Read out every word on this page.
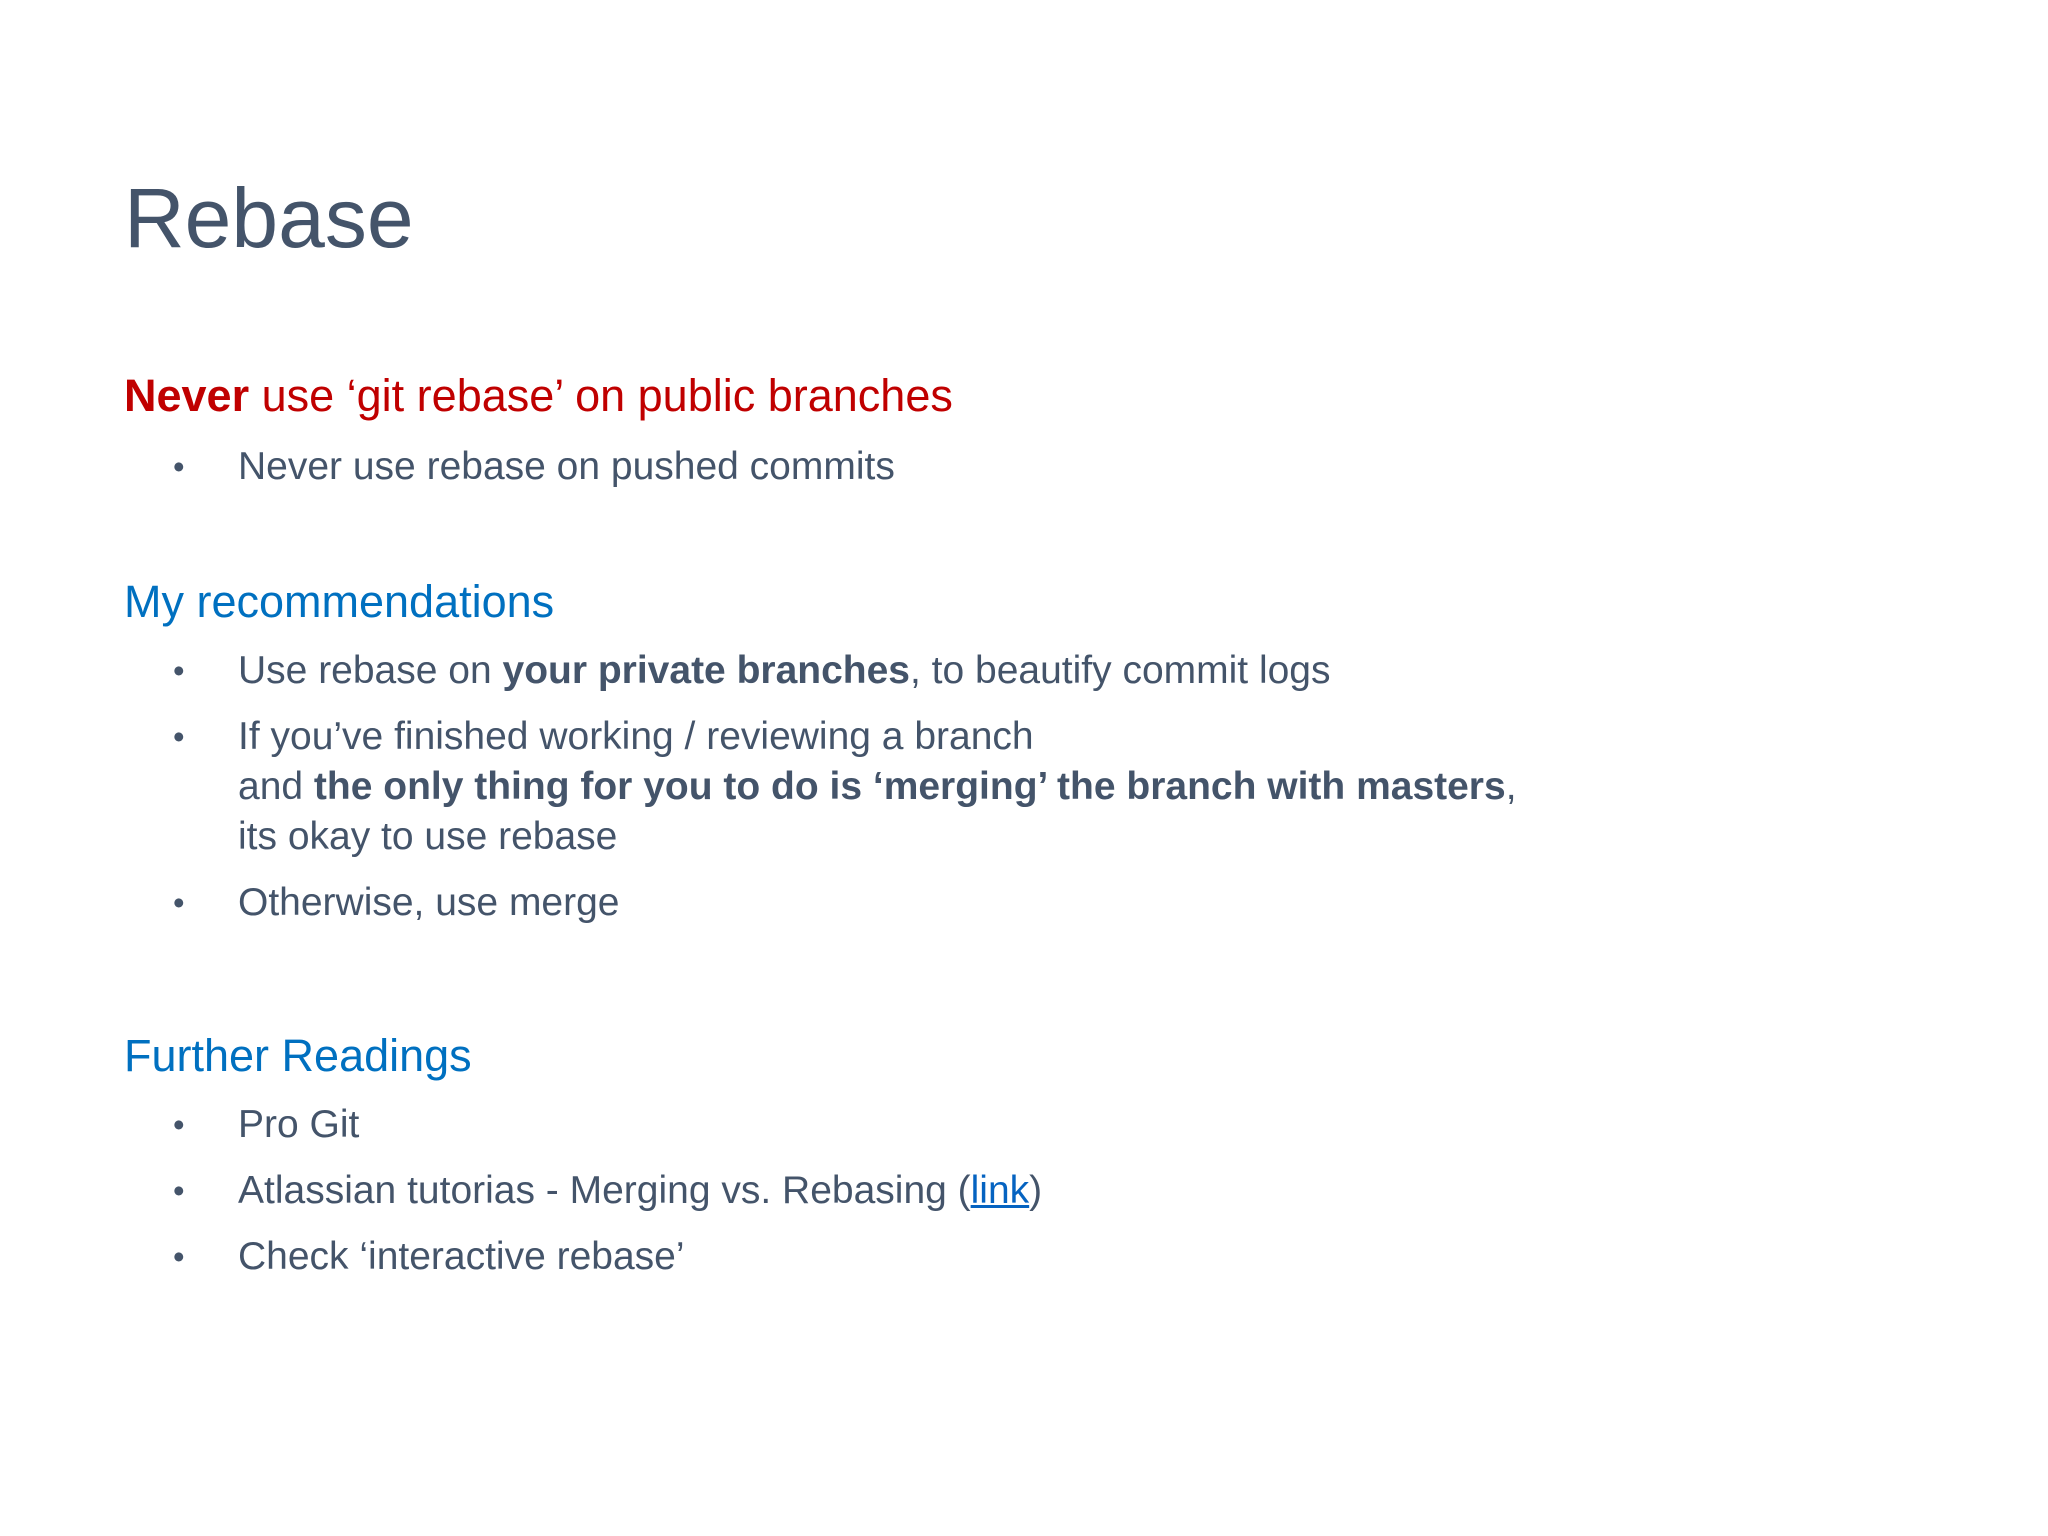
Rebase
Never use ‘git rebase’ on public branches
• Never use rebase on pushed commits
My recommendations
• Use rebase on your private branches, to beautify commit logs
• If you’ve finished working / reviewing a branch
and the only thing for you to do is ‘merging’ the branch with masters,
its okay to use rebase
• Otherwise, use merge
Further Readings
• Pro Git
• Atlassian tutorias - Merging vs. Rebasing (link)
• Check ‘interactive rebase’
